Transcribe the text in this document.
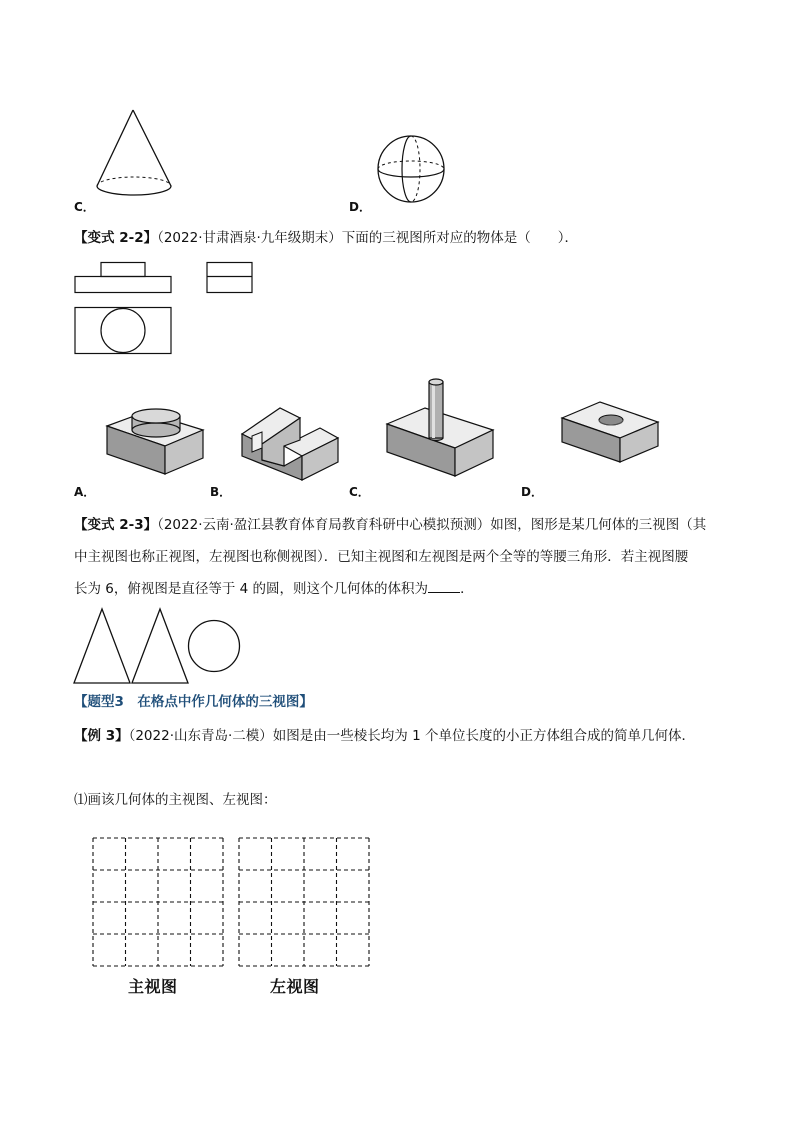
C．	D．
【变式 2-2】（2022·甘肃酒泉·九年级期末）下面的三视图所对应的物体是（　　）．
A．	B．	C．	D．
【变式 2-3】（2022·云南·盈江县教育体育局教育科研中心模拟预测）如图，图形是某几何体的三视图（其
中主视图也称正视图，左视图也称侧视图）．已知主视图和左视图是两个全等的等腰三角形．若主视图腰
长为 6，俯视图是直径等于 4 的圆，则这个几何体的体积为 ．
【题型3　在格点中作几何体的三视图】
【例 3】（2022·山东青岛·二模）如图是由一些棱长均为 1 个单位长度的小正方体组合成的简单几何体．
⑴画该几何体的主视图、左视图：
主视图	左视图
